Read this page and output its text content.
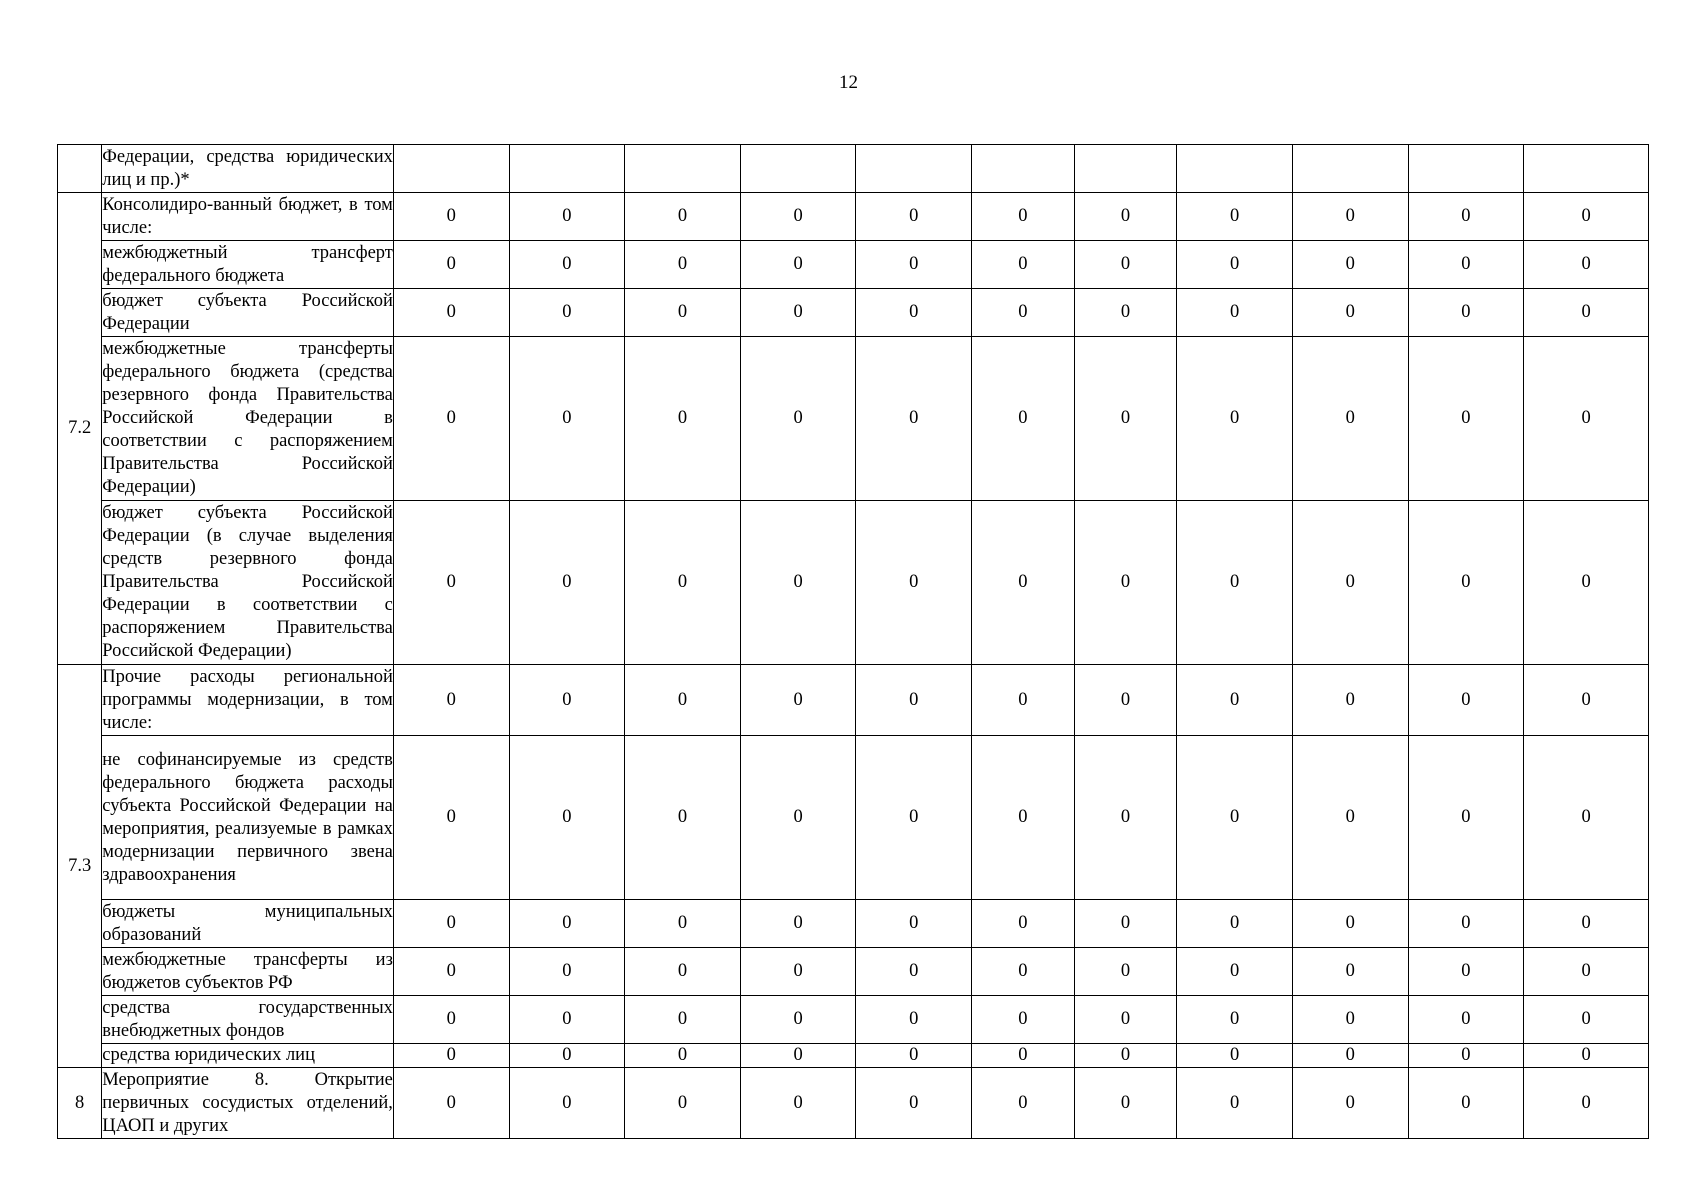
12
	Федерации, средства юридических лиц и пр.)*											
7.2	Консолидиро-ванный бюджет, в том числе:	0	0	0	0	0	0	0	0	0	0	0
	межбюджетный трансферт федерального бюджета	0	0	0	0	0	0	0	0	0	0	0
	бюджет субъекта Российской Федерации	0	0	0	0	0	0	0	0	0	0	0
	межбюджетные трансферты федерального бюджета (средства резервного фонда Правительства Российской Федерации в соответствии с распоряжением Правительства Российской Федерации)	0	0	0	0	0	0	0	0	0	0	0
	бюджет субъекта Российской Федерации (в случае выделения средств резервного фонда Правительства Российской Федерации в соответствии с распоряжением Правительства Российской Федерации)	0	0	0	0	0	0	0	0	0	0	0
7.3	Прочие расходы региональной программы модернизации, в том числе:	0	0	0	0	0	0	0	0	0	0	0
	не софинансируемые из средств федерального бюджета расходы субъекта Российской Федерации на мероприятия, реализуемые в рамках модернизации первичного звена здравоохранения	0	0	0	0	0	0	0	0	0	0	0
	бюджеты муниципальных образований	0	0	0	0	0	0	0	0	0	0	0
	межбюджетные трансферты из бюджетов субъектов РФ	0	0	0	0	0	0	0	0	0	0	0
	средства государственных внебюджетных фондов	0	0	0	0	0	0	0	0	0	0	0
	средства юридических лиц	0	0	0	0	0	0	0	0	0	0	0
8	Мероприятие 8. Открытие первичных сосудистых отделений, ЦАОП и других	0	0	0	0	0	0	0	0	0	0	0
